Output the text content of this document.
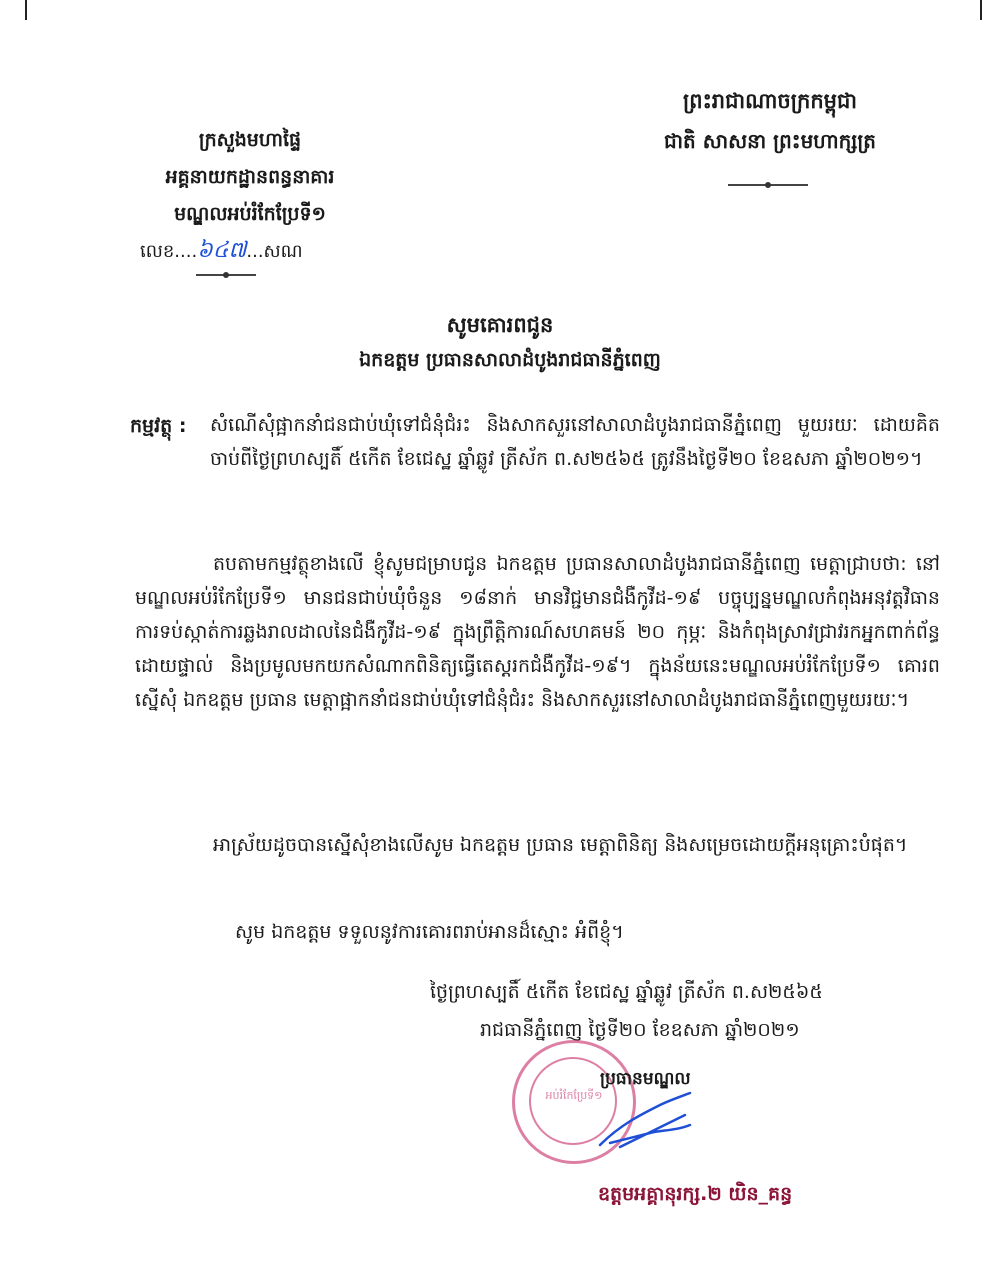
ព្រះរាជាណាចក្រកម្ពុជា
ជាតិ សាសនា ព្រះមហាក្សត្រ
ក្រសួងមហាផ្ទៃ
អគ្គនាយកដ្ឋានពន្ធនាគារ
មណ្ឌលអប់រំកែប្រែទី១
លេខ....៦៤៧...សណ
សូមគោរពជូន
ឯកឧត្តម ប្រធានសាលាដំបូងរាជធានីភ្នំពេញ
កម្មវត្ថុ : សំណើសុំផ្អាកនាំជនជាប់ឃុំទៅជំនុំជំរះ និងសាកសួរនៅសាលាដំបូងរាជធានីភ្នំពេញ មួយរយៈ ដោយគិតចាប់ពីថ្ងៃព្រហស្បតិ៍ ៥កើត ខែជេស្ឋ ឆ្នាំឆ្លូវ ត្រីស័ក ព.ស២៥៦៥ ត្រូវនឹងថ្ងៃទី២០ ខែឧសភា ឆ្នាំ២០២១។
តបតាមកម្មវត្ថុខាងលើ ខ្ញុំសូមជម្រាបជូន ឯកឧត្តម ប្រធានសាលាដំបូងរាជធានីភ្នំពេញ មេត្តាជ្រាបថា: នៅមណ្ឌលអប់រំកែប្រែទី១ មានជនជាប់ឃុំចំនួន ១៨នាក់ មានវិជ្ជមានជំងឺកូវីដ-១៩ បច្ចុប្បន្នមណ្ឌលកំពុងអនុវត្តវិធានការទប់ស្កាត់ការឆ្លងរាលដាលនៃជំងឺកូវីដ-១៩ ក្នុងព្រឹត្តិការណ៍សហគមន៍ ២០ កុម្ភៈ និងកំពុងស្រាវជ្រាវរកអ្នកពាក់ព័ន្ធដោយផ្ទាល់ និងប្រមូលមកយកសំណាកពិនិត្យធ្វើតេស្តរកជំងឺកូវីដ-១៩។ ក្នុងន័យនេះមណ្ឌលអប់រំកែប្រែទី១ គោរពស្នើសុំ ឯកឧត្តម ប្រធាន មេត្តាផ្អាកនាំជនជាប់ឃុំទៅជំនុំជំរះ និងសាកសួរនៅសាលាដំបូងរាជធានីភ្នំពេញមួយរយៈ។
អាស្រ័យដូចបានស្នើសុំខាងលើសូម ឯកឧត្តម ប្រធាន មេត្តាពិនិត្យ និងសម្រេចដោយក្តីអនុគ្រោះបំផុត។
សូម ឯកឧត្តម ទទួលនូវការគោរពរាប់អានដ៏ស្មោះ អំពីខ្ញុំ។
ថ្ងៃព្រហស្បតិ៍ ៥កើត ខែជេស្ឋ ឆ្នាំឆ្លូវ ត្រីស័ក ព.ស២៥៦៥
រាជធានីភ្នំពេញ ថ្ងៃទី២០ ខែឧសភា ឆ្នាំ២០២១
អប់រំកែប្រែទី១
ប្រធានមណ្ឌល
ឧត្តមអគ្គានុរក្ស.២ យិន_គន្ធ
